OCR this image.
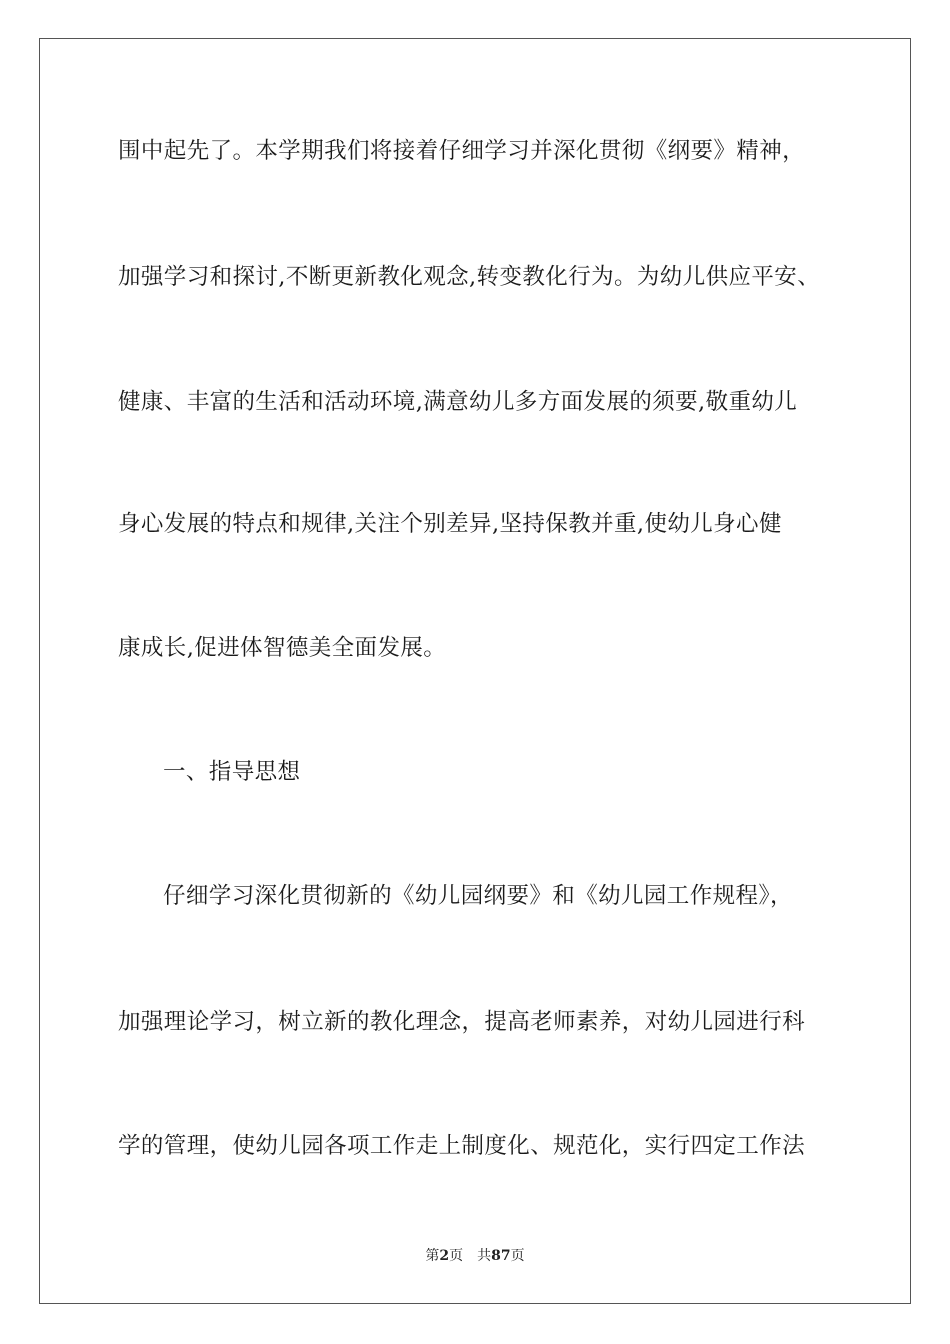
围中起先了。本学期我们将接着仔细学习并深化贯彻《纲要》精神，
加强学习和探讨,不断更新教化观念,转变教化行为。为幼儿供应平安、
健康、丰富的生活和活动环境,满意幼儿多方面发展的须要,敬重幼儿
身心发展的特点和规律,关注个别差异,坚持保教并重,使幼儿身心健
康成长,促进体智德美全面发展。
一、指导思想
仔细学习深化贯彻新的《幼儿园纲要》和《幼儿园工作规程》，
加强理论学习，树立新的教化理念，提高老师素养，对幼儿园进行科
学的管理，使幼儿园各项工作走上制度化、规范化，实行四定工作法
第2页 共87页
